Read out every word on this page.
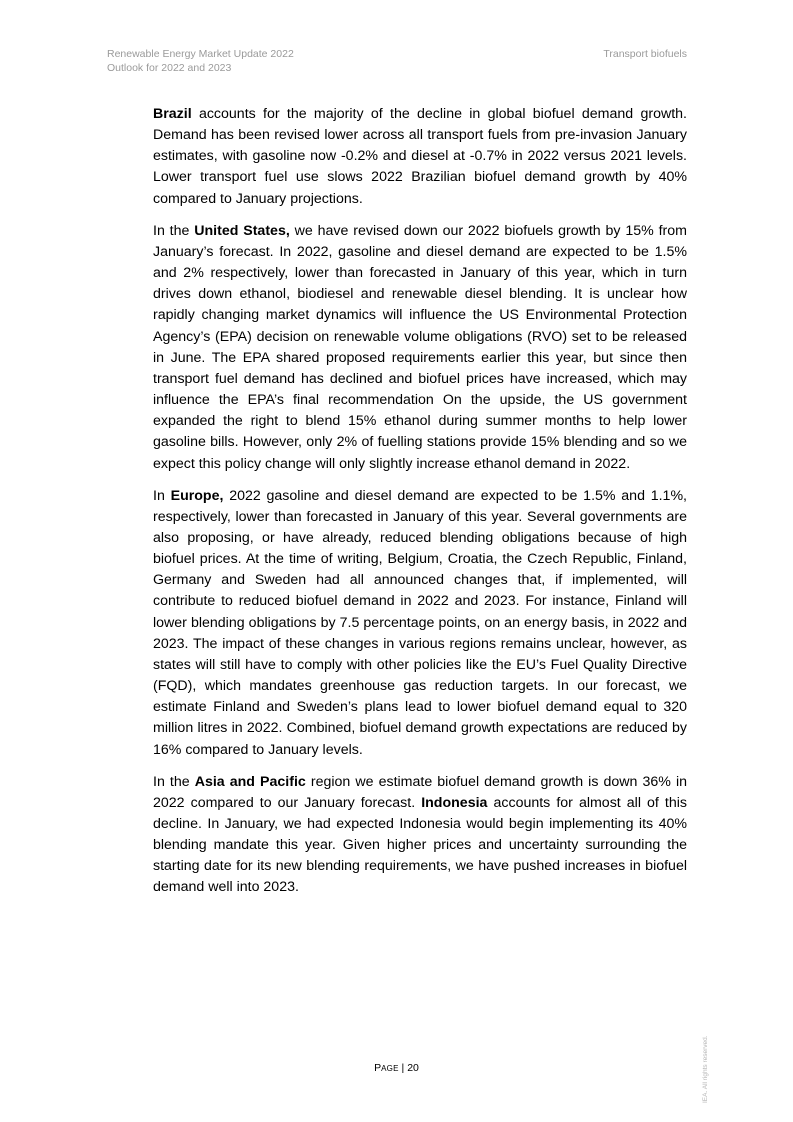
Renewable Energy Market Update 2022
Outlook for 2022 and 2023
Transport biofuels

Brazil accounts for the majority of the decline in global biofuel demand growth. Demand has been revised lower across all transport fuels from pre-invasion January estimates, with gasoline now -0.2% and diesel at -0.7% in 2022 versus 2021 levels. Lower transport fuel use slows 2022 Brazilian biofuel demand growth by 40% compared to January projections.

In the United States, we have revised down our 2022 biofuels growth by 15% from January’s forecast. In 2022, gasoline and diesel demand are expected to be 1.5% and 2% respectively, lower than forecasted in January of this year, which in turn drives down ethanol, biodiesel and renewable diesel blending. It is unclear how rapidly changing market dynamics will influence the US Environmental Protection Agency’s (EPA) decision on renewable volume obligations (RVO) set to be released in June. The EPA shared proposed requirements earlier this year, but since then transport fuel demand has declined and biofuel prices have increased, which may influence the EPA’s final recommendation On the upside, the US government expanded the right to blend 15% ethanol during summer months to help lower gasoline bills. However, only 2% of fuelling stations provide 15% blending and so we expect this policy change will only slightly increase ethanol demand in 2022.

In Europe, 2022 gasoline and diesel demand are expected to be 1.5% and 1.1%, respectively, lower than forecasted in January of this year. Several governments are also proposing, or have already, reduced blending obligations because of high biofuel prices. At the time of writing, Belgium, Croatia, the Czech Republic, Finland, Germany and Sweden had all announced changes that, if implemented, will contribute to reduced biofuel demand in 2022 and 2023. For instance, Finland will lower blending obligations by 7.5 percentage points, on an energy basis, in 2022 and 2023. The impact of these changes in various regions remains unclear, however, as states will still have to comply with other policies like the EU’s Fuel Quality Directive (FQD), which mandates greenhouse gas reduction targets. In our forecast, we estimate Finland and Sweden’s plans lead to lower biofuel demand equal to 320 million litres in 2022. Combined, biofuel demand growth expectations are reduced by 16% compared to January levels.

In the Asia and Pacific region we estimate biofuel demand growth is down 36% in 2022 compared to our January forecast. Indonesia accounts for almost all of this decline. In January, we had expected Indonesia would begin implementing its 40% blending mandate this year. Given higher prices and uncertainty surrounding the starting date for its new blending requirements, we have pushed increases in biofuel demand well into 2023.

PAGE | 20	IEA. All rights reserved.
